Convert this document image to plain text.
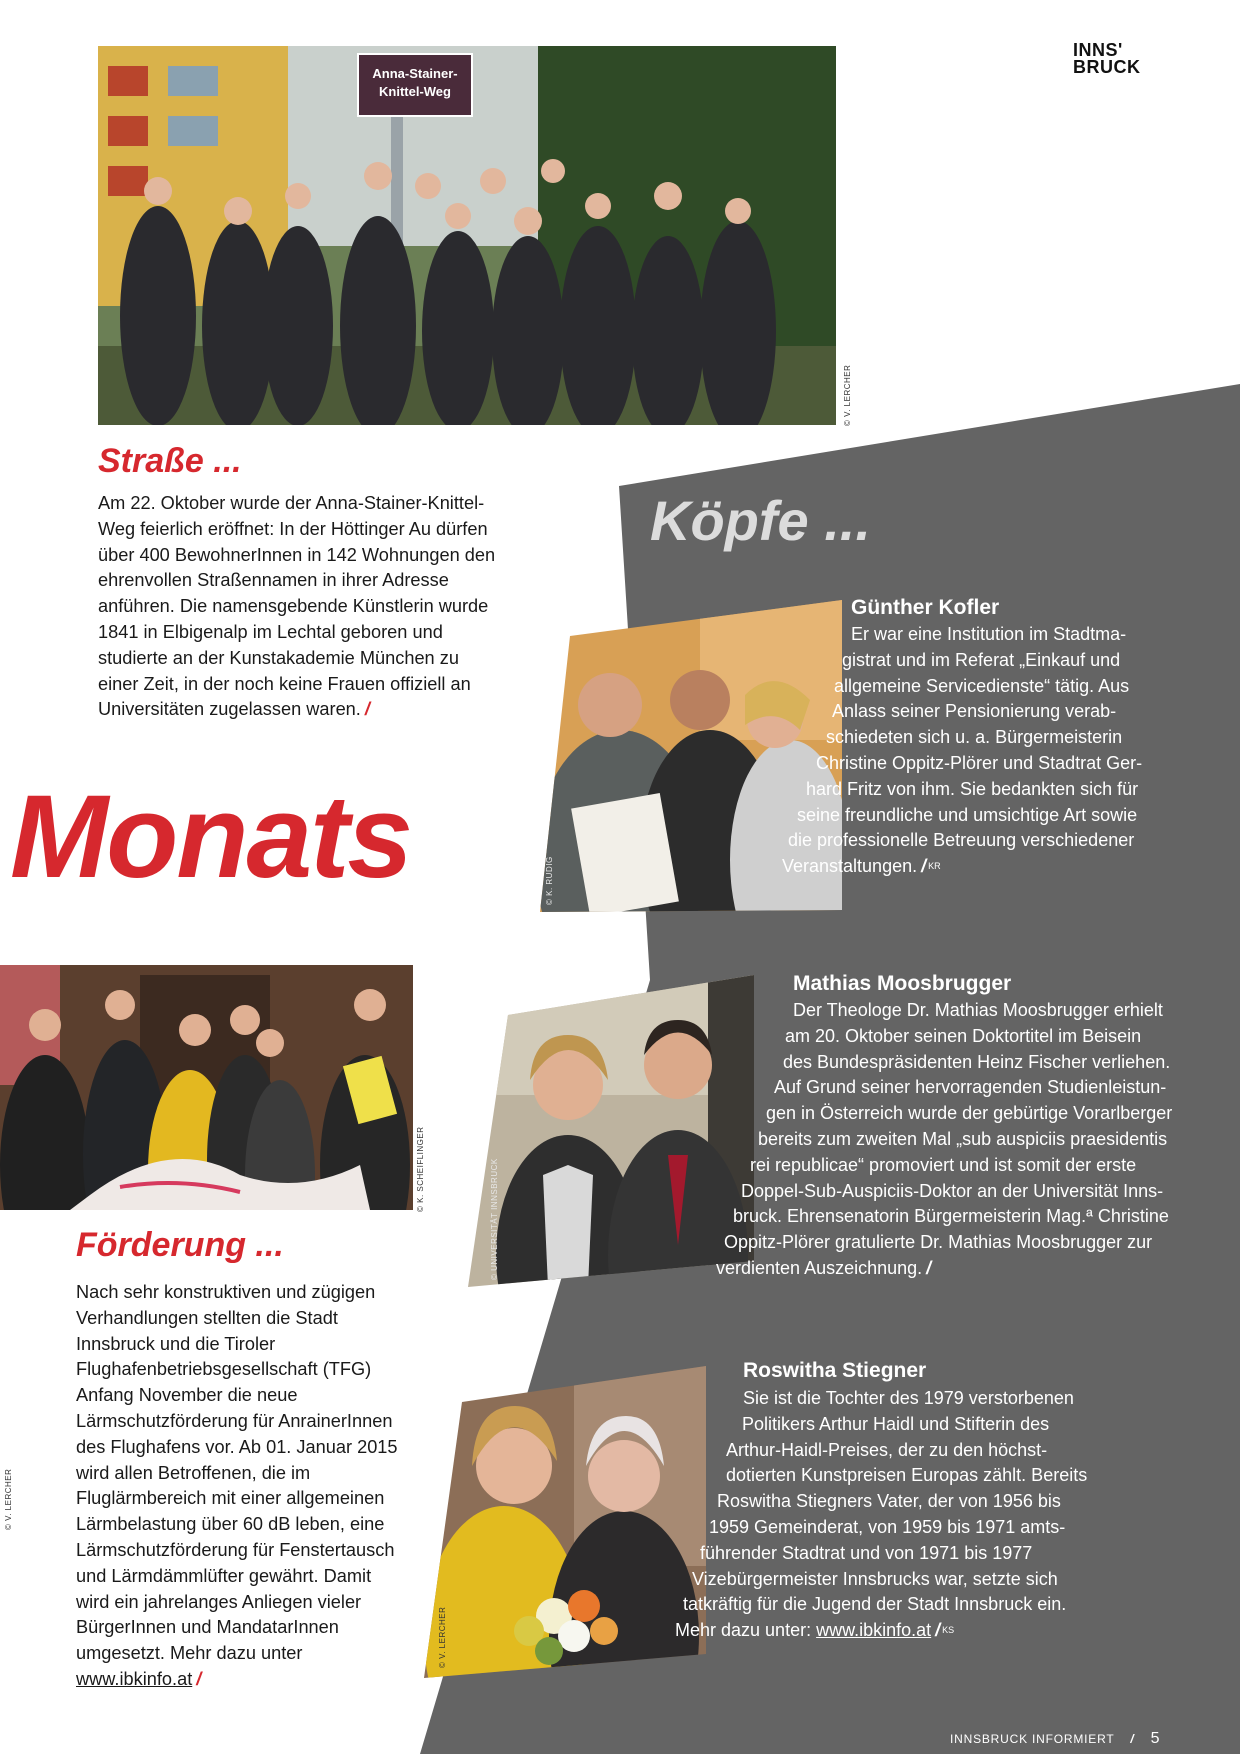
INNS'
BRUCK
Anna-Stainer-
Knittel-Weg
© V. LERCHER
Straße ...

Am 22. Oktober wurde der Anna-Stainer-Knittel-Weg feierlich eröffnet: In der Höttinger Au dürfen über 400 BewohnerInnen in 142 Wohnungen den ehrenvollen Straßennamen in ihrer Adresse anführen. Die namensgebende Künstlerin wurde 1841 in Elbigenalp im Lechtal geboren und studierte an der Kunstakademie München zu einer Zeit, in der noch keine Frauen offiziell an Universitäten zugelassen waren. /

Monats
Köpfe ...
© K. RUDIG
Günther Kofler
Er war eine Institution im Stadtma-
gistrat und im Referat „Einkauf und
allgemeine Servicedienste“ tätig. Aus
Anlass seiner Pensionierung verab-
schiedeten sich u. a. Bürgermeisterin
Christine Oppitz-Plörer und Stadtrat Ger-
hard Fritz von ihm. Sie bedankten sich für
seine freundliche und umsichtige Art sowie
die professionelle Betreuung verschiedener
Veranstaltungen. / $^{KR}$
© UNIVERSITÄT INNSBRUCK
Mathias Moosbrugger
Der Theologe Dr. Mathias Moosbrugger erhielt
am 20. Oktober seinen Doktortitel im Beisein
des Bundespräsidenten Heinz Fischer verliehen.
Auf Grund seiner hervorragenden Studienleistun-
gen in Österreich wurde der gebürtige Vorarlberger
bereits zum zweiten Mal „sub auspiciis praesidentis
rei republicae“ promoviert und ist somit der erste
Doppel-Sub-Auspiciis-Doktor an der Universität Inns-
bruck. Ehrensenatorin Bürgermeisterin Mag.ª Christine
Oppitz-Plörer gratulierte Dr. Mathias Moosbrugger zur
verdienten Auszeichnung. /
© V. LERCHER
Roswitha Stiegner
Sie ist die Tochter des 1979 verstorbenen
Politikers Arthur Haidl und Stifterin des
Arthur-Haidl-Preises, der zu den höchst-
dotierten Kunstpreisen Europas zählt. Bereits
Roswitha Stiegners Vater, der von 1956 bis
1959 Gemeinderat, von 1959 bis 1971 amts-
führender Stadtrat und von 1971 bis 1977
Vizebürgermeister Innsbrucks war, setzte sich
tatkräftig für die Jugend der Stadt Innsbruck ein.
Mehr dazu unter: www.ibkinfo.at / $^{KS}$
© K. SCHEIFLINGER
© V. LERCHER
Förderung ...

Nach sehr konstruktiven und zügigen Verhandlungen stellten die Stadt Innsbruck und die Tiroler Flughafenbetriebsgesellschaft (TFG) Anfang November die neue Lärmschutzförderung für AnrainerInnen des Flughafens vor. Ab 01. Januar 2015 wird allen Betroffenen, die im Fluglärmbereich mit einer allgemeinen Lärmbelastung über 60 dB leben, eine Lärmschutzförderung für Fenstertausch und Lärmdämmlüfter gewährt. Damit wird ein jahrelanges Anliegen vieler BürgerInnen und MandatarInnen umgesetzt. Mehr dazu unter www.ibkinfo.at /

INNSBRUCK INFORMIERT / 5
